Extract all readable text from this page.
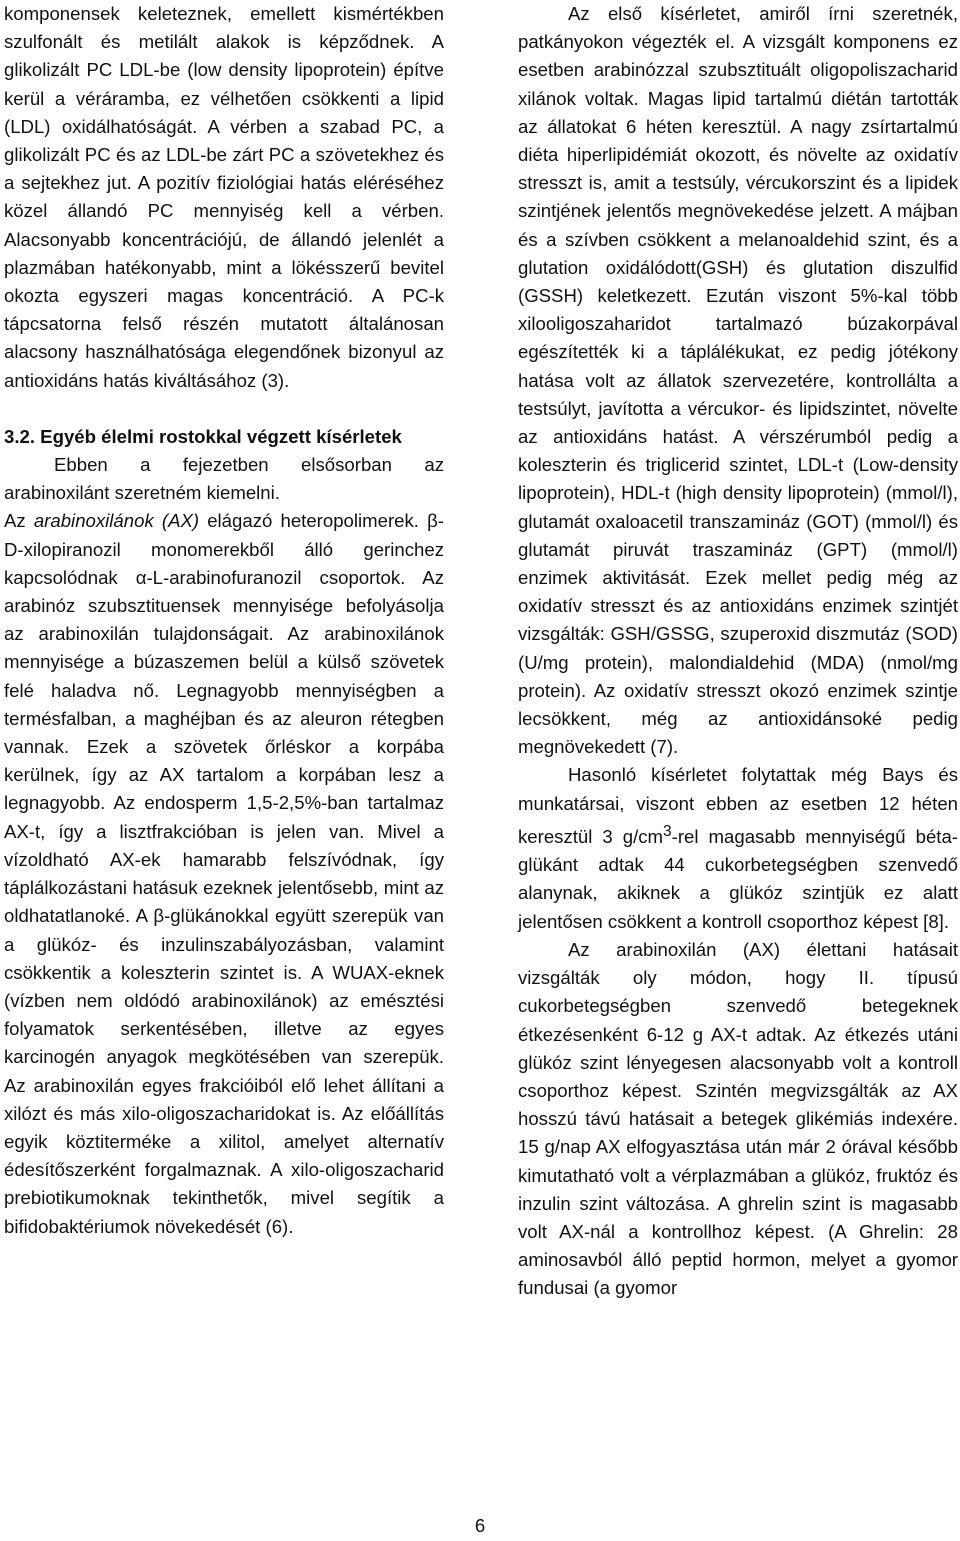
komponensek keleteznek, emellett kismértékben szulfonált és metilált alakok is képződnek. A glikolizált PC LDL-be (low density lipoprotein) építve kerül a véráramba, ez vélhetően csökkenti a lipid (LDL) oxidálhatóságát. A vérben a szabad PC, a glikolizált PC és az LDL-be zárt PC a szövetekhez és a sejtekhez jut. A pozitív fiziológiai hatás eléréséhez közel állandó PC mennyiség kell a vérben. Alacsonyabb koncentrációjú, de állandó jelenlét a plazmában hatékonyabb, mint a lökésszerű bevitel okozta egyszeri magas koncentráció. A PC-k tápcsatorna felső részén mutatott általánosan alacsony használhatósága elegendőnek bizonyul az antioxidáns hatás kiváltásához (3).

3.2. Egyéb élelmi rostokkal végzett kísérletek

Ebben a fejezetben elsősorban az arabinoxilánt szeretném kiemelni.

Az arabinoxilánok (AX) elágazó heteropolimerek. β-D-xilopiranozil monomerekből álló gerinchez kapcsolódnak α-L-arabinofuranozil csoportok. Az arabinóz szubsztituensek mennyisége befolyásolja az arabinoxilán tulajdonságait. Az arabinoxilánok mennyisége a búzaszemen belül a külső szövetek felé haladva nő. Legnagyobb mennyiségben a termésfalban, a maghéjban és az aleuron rétegben vannak. Ezek a szövetek őrléskor a korpába kerülnek, így az AX tartalom a korpában lesz a legnagyobb. Az endosperm 1,5-2,5%-ban tartalmaz AX-t, így a lisztfrakcióban is jelen van. Mivel a vízoldható AX-ek hamarabb felszívódnak, így táplálkozástani hatásuk ezeknek jelentősebb, mint az oldhatatlanoké. A β-glükánokkal együtt szerepük van a glükóz- és inzulinszabályozásban, valamint csökkentik a koleszterin szintet is. A WUAX-eknek (vízben nem oldódó arabinoxilánok) az emésztési folyamatok serkentésében, illetve az egyes karcinogén anyagok megkötésében van szerepük. Az arabinoxilán egyes frakcióiból elő lehet állítani a xilózt és más xilo-oligoszacharidokat is. Az előállítás egyik köztiterméke a xilitol, amelyet alternatív édesítőszerként forgalmaznak. A xilo-oligoszacharid prebiotikumoknak tekinthetők, mivel segítik a bifidobaktériumok növekedését (6).

Az első kísérletet, amiről írni szeretnék, patkányokon végezték el. A vizsgált komponens ez esetben arabinózzal szubsztituált oligopoliszacharid xilánok voltak. Magas lipid tartalmú diétán tartották az állatokat 6 héten keresztül. A nagy zsírtartalmú diéta hiperlipidémiát okozott, és növelte az oxidatív stresszt is, amit a testsúly, vércukorszint és a lipidek szintjének jelentős megnövekedése jelzett. A májban és a szívben csökkent a melanoaldehid szint, és a glutation oxidálódott(GSH) és glutation diszulfid (GSSH) keletkezett. Ezután viszont 5%-kal több xilooligoszaharidot tartalmazó búzakorpával egészítették ki a táplálékukat, ez pedig jótékony hatása volt az állatok szervezetére, kontrollálta a testsúlyt, javította a vércukor- és lipidszintet, növelte az antioxidáns hatást. A vérszérumból pedig a koleszterin és triglicerid szintet, LDL-t (Low-density lipoprotein), HDL-t (high density lipoprotein) (mmol/l), glutamát oxaloacetil transzamináz (GOT) (mmol/l) és glutamát piruvát traszamináz (GPT) (mmol/l) enzimek aktivitását. Ezek mellet pedig még az oxidatív stresszt és az antioxidáns enzimek szintjét vizsgálták: GSH/GSSG, szuperoxid diszmutáz (SOD) (U/mg protein), malondialdehid (MDA) (nmol/mg protein). Az oxidatív stresszt okozó enzimek szintje lecsökkent, még az antioxidánsoké pedig megnövekedett (7).

Hasonló kísérletet folytattak még Bays és munkatársai, viszont ebben az esetben 12 héten keresztül 3 $g/cm^3$-rel magasabb mennyiségű béta-glükánt adtak 44 cukorbetegségben szenvedő alanynak, akiknek a glükóz szintjük ez alatt jelentősen csökkent a kontroll csoporthoz képest [8].

Az arabinoxilán (AX) élettani hatásait vizsgálták oly módon, hogy II. típusú cukorbetegségben szenvedő betegeknek étkezésenként 6-12 g AX-t adtak. Az étkezés utáni glükóz szint lényegesen alacsonyabb volt a kontroll csoporthoz képest. Szintén megvizsgálták az AX hosszú távú hatásait a betegek glikémiás indexére. 15 g/nap AX elfogyasztása után már 2 órával később kimutatható volt a vérplazmában a glükóz, fruktóz és inzulin szint változása. A ghrelin szint is magasabb volt AX-nál a kontrollhoz képest. (A Ghrelin: 28 aminosavból álló peptid hormon, melyet a gyomor fundusai (a gyomor

6
